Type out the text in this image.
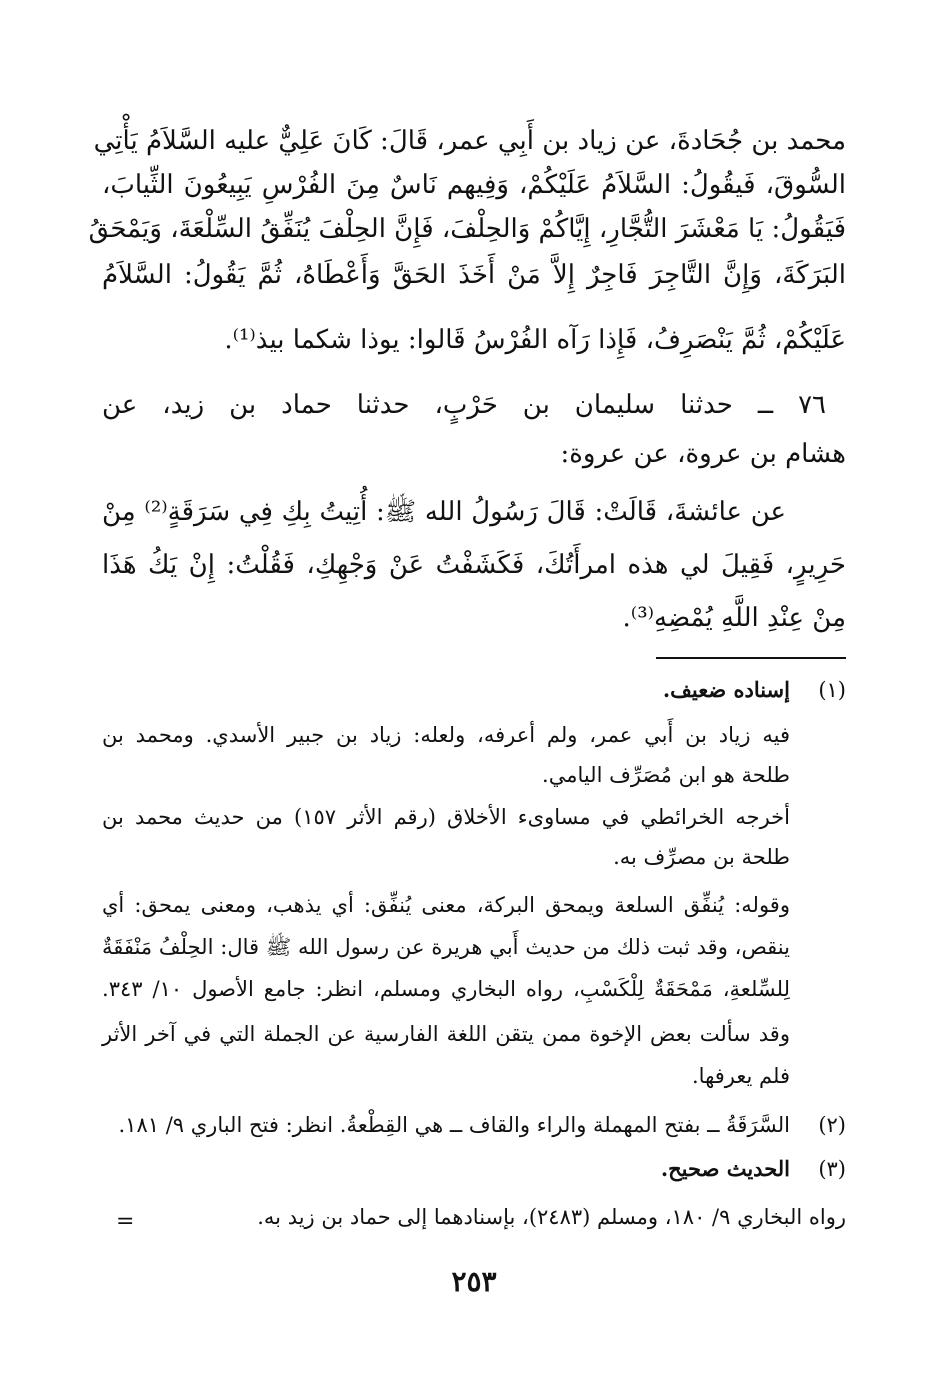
محمد بن جُحَادةَ، عن زياد بن أَبِي عمر، قَالَ: كَانَ عَلِيٌّ عليه السَّلاَمُ يَأْتِي
السُّوقَ، فَيقُولُ: السَّلاَمُ عَلَيْكُمْ، وَفِيهم نَاسٌ مِنَ الفُرْسِ يَبِيعُونَ الثِّيابَ،
فَيَقُولُ: يَا مَعْشَرَ التُّجَّارِ، إِيَّاكُمْ وَالحِلْفَ، فَإِنَّ الحِلْفَ يُنَفِّقُ السِّلْعَةَ، وَيَمْحَقُ
البَرَكَةَ، وَإِنَّ التَّاجِرَ فَاجِرٌ إِلاَّ مَنْ أَخَذَ الحَقَّ وَأَعْطَاهُ، ثُمَّ يَقُولُ: السَّلاَمُ
عَلَيْكُمْ، ثُمَّ يَنْصَرِفُ، فَإِذا رَآه الفُرْسُ قَالوا: يوذا شكما بيذ⁽¹⁾.
٧٦ ــ حدثنا سليمان بن حَرْبٍ، حدثنا حماد بن زيد، عن
هشام بن عروة، عن عروة:
عن عائشةَ، قَالَتْ: قَالَ رَسُولُ الله ﷺ: أُتِيتُ بِكِ فِي سَرَقَةٍ⁽²⁾ مِنْ
حَرِيرٍ، فَقِيلَ لي هذه امرأَتُكَ، فَكَشَفْتُ عَنْ وَجْهِكِ، فَقُلْتُ: إِنْ يَكُ هَذَا
مِنْ عِنْدِ اللَّهِ يُمْضِهِ⁽³⁾.
(١)
إسناده ضعيف.
فيه زياد بن أَبي عمر، ولم أعرفه، ولعله: زياد بن جبير الأسدي. ومحمد بن
طلحة هو ابن مُصَرِّف اليامي.
أخرجه الخرائطي في مساوىء الأخلاق (رقم الأثر ١٥٧) من حديث محمد بن
طلحة بن مصرِّف به.
وقوله: يُنفِّق السلعة ويمحق البركة، معنى يُنفِّق: أي يذهب، ومعنى يمحق: أي
ينقص، وقد ثبت ذلك من حديث أَبي هريرة عن رسول الله ﷺ قال: الحِلْفُ مَنْفَقَةٌ
لِلسِّلعةِ، مَمْحَقَةٌ لِلْكَسْبِ، رواه البخاري ومسلم، انظر: جامع الأصول ١٠/ ٣٤٣.
وقد سألت بعض الإخوة ممن يتقن اللغة الفارسية عن الجملة التي في آخر الأثر
فلم يعرفها.
(٢)
السَّرَقَةُ ــ بفتح المهملة والراء والقاف ــ هي القِطْعةُ. انظر: فتح الباري ٩/ ١٨١.
(٣)
الحديث صحيح.
رواه البخاري ٩/ ١٨٠، ومسلم (٢٤٨٣)، بإسنادهما إلى حماد بن زيد به.
=
٢٥٣
